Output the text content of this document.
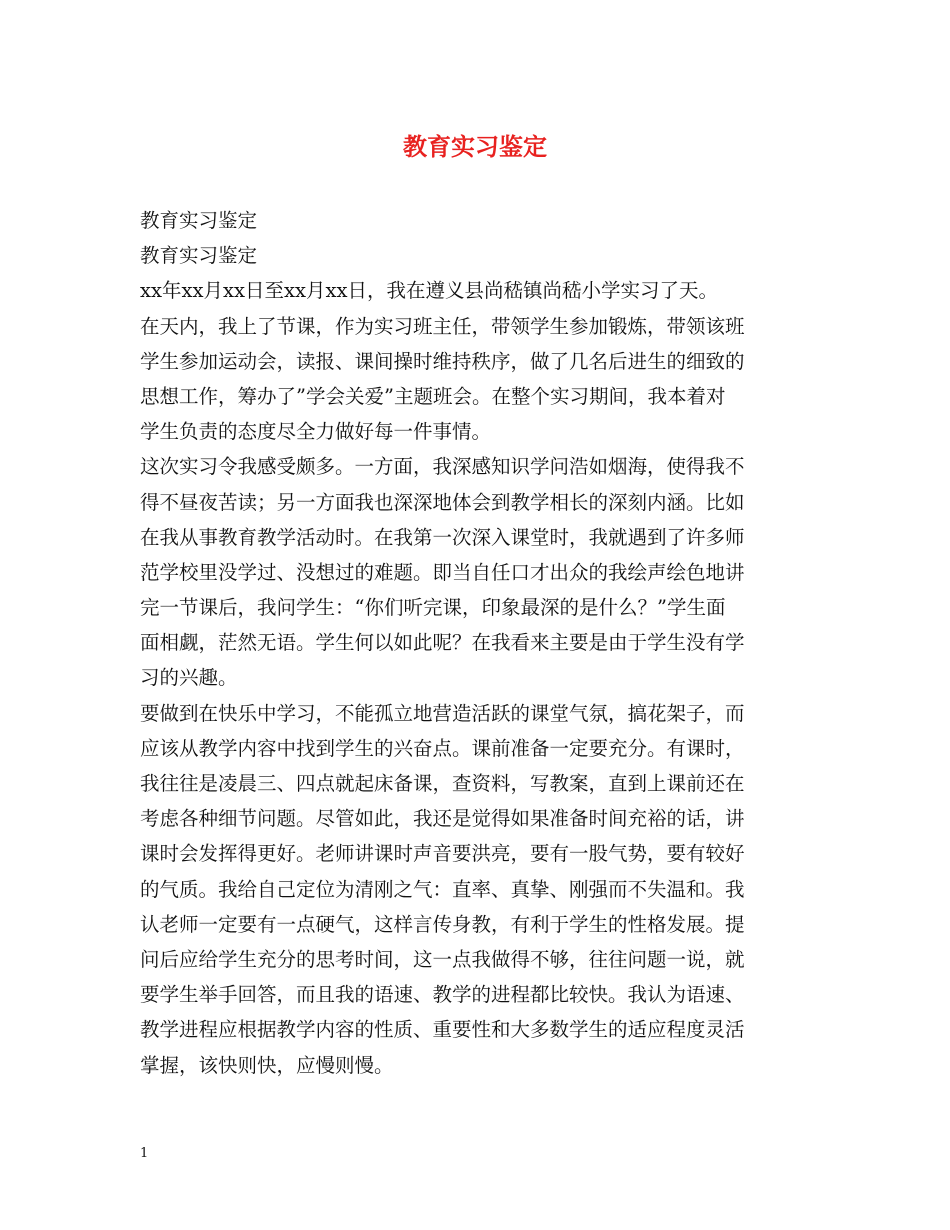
教育实习鉴定
教育实习鉴定
教育实习鉴定
xx年xx月xx日至xx月xx日，我在遵义县尚嵇镇尚嵇小学实习了天。
在天内，我上了节课，作为实习班主任，带领学生参加锻炼，带领该班
学生参加运动会，读报、课间操时维持秩序，做了几名后进生的细致的
思想工作，筹办了”学会关爱”主题班会。在整个实习期间，我本着对
学生负责的态度尽全力做好每一件事情。
这次实习令我感受颇多。一方面，我深感知识学问浩如烟海，使得我不
得不昼夜苦读；另一方面我也深深地体会到教学相长的深刻内涵。比如
在我从事教育教学活动时。在我第一次深入课堂时，我就遇到了许多师
范学校里没学过、没想过的难题。即当自任口才出众的我绘声绘色地讲
完一节课后，我问学生：“你们听完课，印象最深的是什么？”学生面
面相觑，茫然无语。学生何以如此呢？在我看来主要是由于学生没有学
习的兴趣。
要做到在快乐中学习，不能孤立地营造活跃的课堂气氛，搞花架子，而
应该从教学内容中找到学生的兴奋点。课前准备一定要充分。有课时，
我往往是凌晨三、四点就起床备课，查资料，写教案，直到上课前还在
考虑各种细节问题。尽管如此，我还是觉得如果准备时间充裕的话，讲
课时会发挥得更好。老师讲课时声音要洪亮，要有一股气势，要有较好
的气质。我给自己定位为清刚之气：直率、真挚、刚强而不失温和。我
认老师一定要有一点硬气，这样言传身教，有利于学生的性格发展。提
问后应给学生充分的思考时间，这一点我做得不够，往往问题一说，就
要学生举手回答，而且我的语速、教学的进程都比较快。我认为语速、
教学进程应根据教学内容的性质、重要性和大多数学生的适应程度灵活
掌握，该快则快，应慢则慢。
1
